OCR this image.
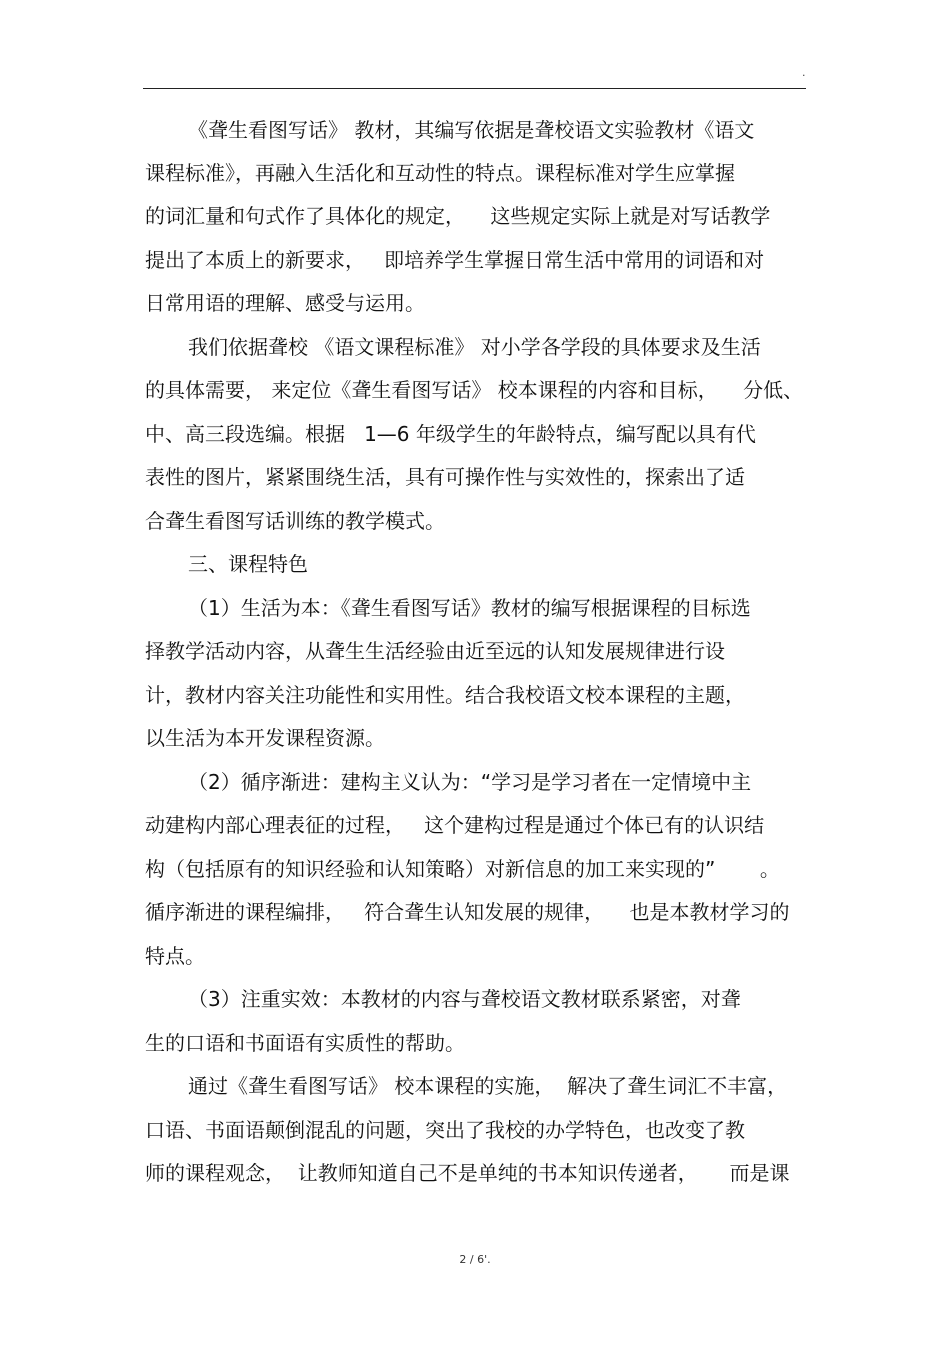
.
《聋生看图写话》 教材，其编写依据是聋校语文实验教材《语文
课程标准》，再融入生活化和互动性的特点。课程标准对学生应掌握
的词汇量和句式作了具体化的规定，    这些规定实际上就是对写话教学
提出了本质上的新要求，   即培养学生掌握日常生活中常用的词语和对
日常用语的理解、感受与运用。
我们依据聋校 《语文课程标准》 对小学各学段的具体要求及生活
的具体需要， 来定位《聋生看图写话》 校本课程的内容和目标，    分低、
中、高三段选编。根据   1—6 年级学生的年龄特点，编写配以具有代
表性的图片，紧紧围绕生活，具有可操作性与实效性的，探索出了适
合聋生看图写话训练的教学模式。
三、课程特色
（1）生活为本：《聋生看图写话》教材的编写根据课程的目标选
择教学活动内容，从聋生生活经验由近至远的认知发展规律进行设
计，教材内容关注功能性和实用性。结合我校语文校本课程的主题，
以生活为本开发课程资源。
（2）循序渐进：建构主义认为：“学习是学习者在一定情境中主
动建构内部心理表征的过程，   这个建构过程是通过个体已有的认识结
构（包括原有的知识经验和认知策略）对新信息的加工来实现的”       。
循序渐进的课程编排，   符合聋生认知发展的规律，    也是本教材学习的
特点。
（3）注重实效：本教材的内容与聋校语文教材联系紧密，对聋
生的口语和书面语有实质性的帮助。
通过《聋生看图写话》 校本课程的实施，  解决了聋生词汇不丰富，
口语、书面语颠倒混乱的问题，突出了我校的办学特色，也改变了教
师的课程观念，  让教师知道自己不是单纯的书本知识传递者，     而是课
2 / 6'.
